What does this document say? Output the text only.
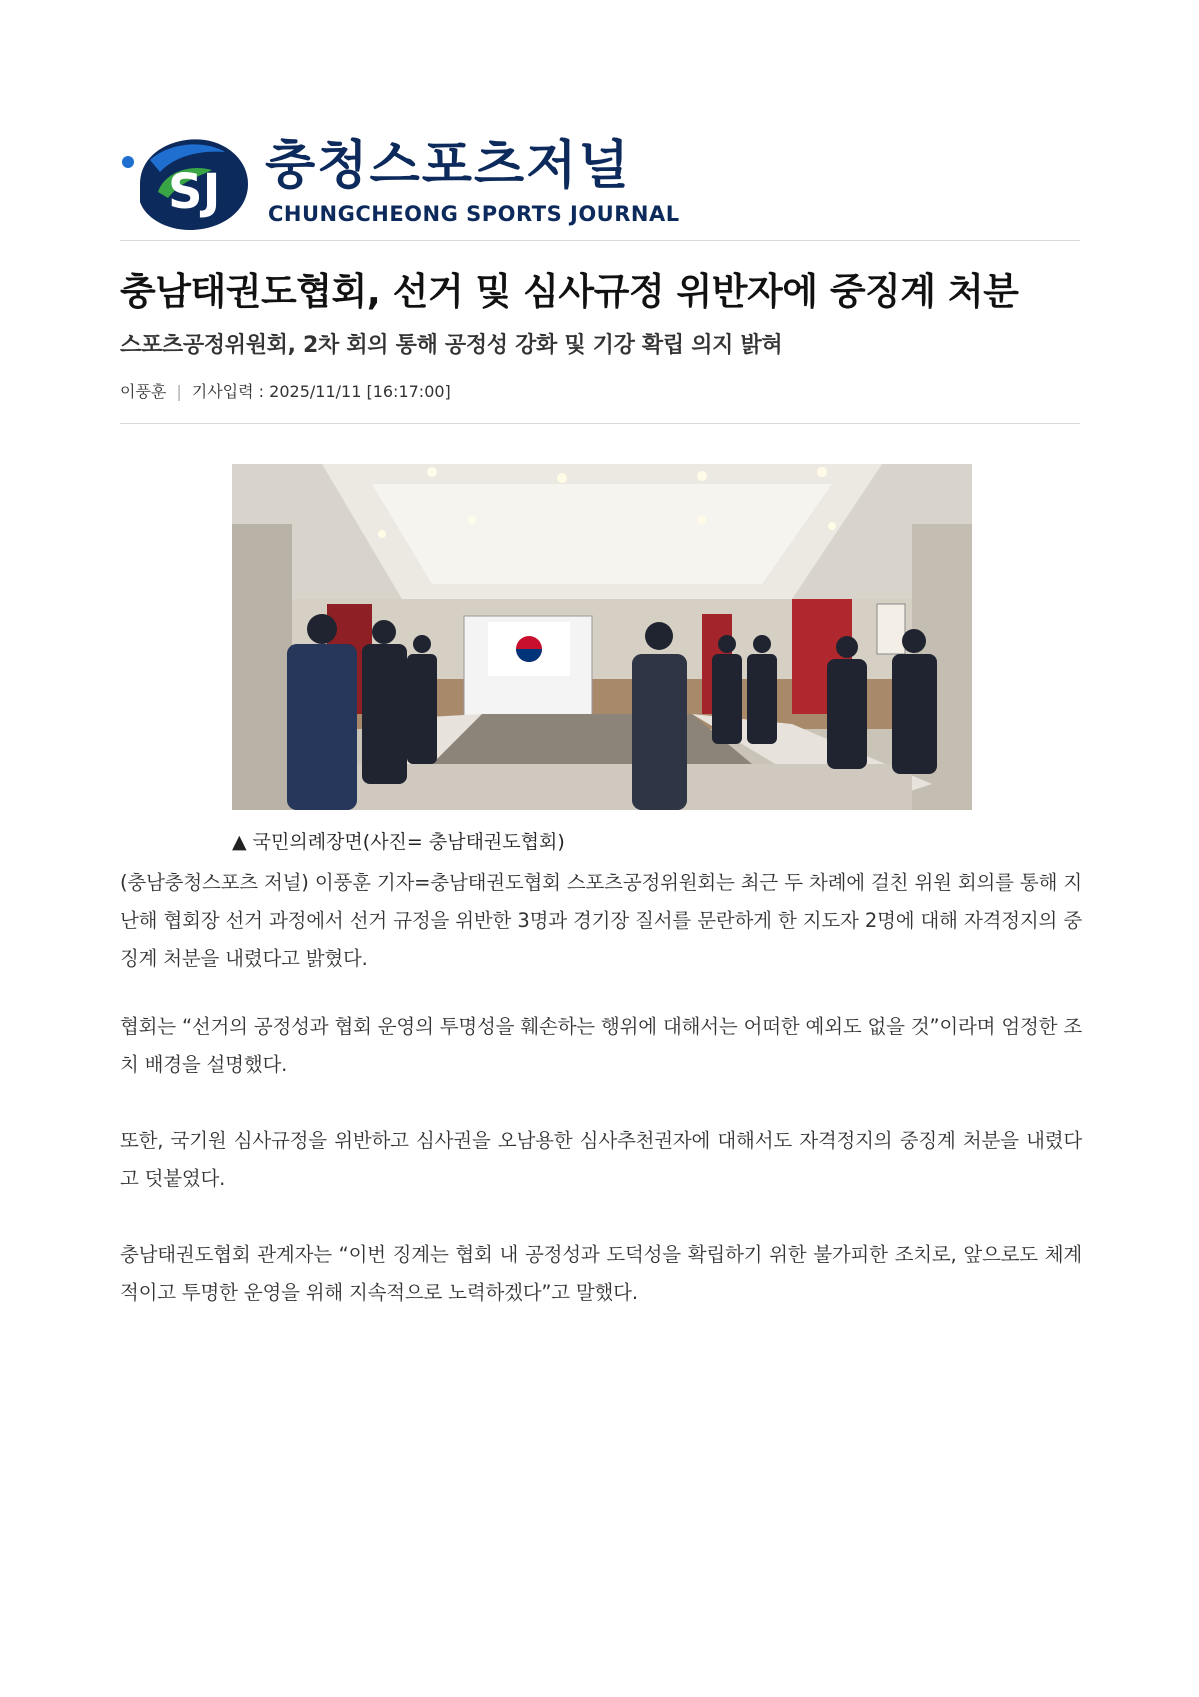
SJ 충청스포츠저널
CHUNGCHEONG SPORTS JOURNAL
충남태권도협회, 선거 및 심사규정 위반자에 중징계 처분
스포츠공정위원회, 2차 회의 통해 공정성 강화 및 기강 확립 의지 밝혀
이풍훈 | 기사입력 : 2025/11/11 [16:17:00]
▲ 국민의례장면(사진= 충남태권도협회)

(충남충청스포츠 저널) 이풍훈 기자=충남태권도협회 스포츠공정위원회는 최근 두 차례에 걸친 위원 회의를 통해 지난해 협회장 선거 과정에서 선거 규정을 위반한 3명과 경기장 질서를 문란하게 한 지도자 2명에 대해 자격정지의 중징계 처분을 내렸다고 밝혔다.

협회는 “선거의 공정성과 협회 운영의 투명성을 훼손하는 행위에 대해서는 어떠한 예외도 없을 것”이라며 엄정한 조치 배경을 설명했다.

또한, 국기원 심사규정을 위반하고 심사권을 오남용한 심사추천권자에 대해서도 자격정지의 중징계 처분을 내렸다고 덧붙였다.

충남태권도협회 관계자는 “이번 징계는 협회 내 공정성과 도덕성을 확립하기 위한 불가피한 조치로, 앞으로도 체계적이고 투명한 운영을 위해 지속적으로 노력하겠다”고 말했다.
